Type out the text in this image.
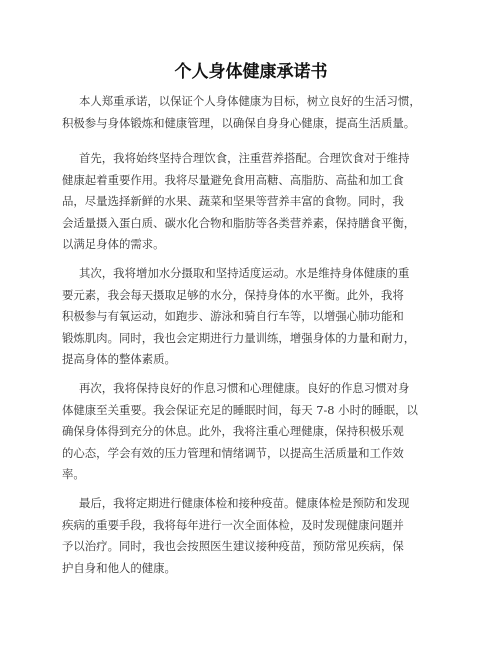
个人身体健康承诺书

本人郑重承诺，以保证个人身体健康为目标，树立良好的生活习惯，
积极参与身体锻炼和健康管理，以确保自身身心健康，提高生活质量。

首先，我将始终坚持合理饮食，注重营养搭配。合理饮食对于维持
健康起着重要作用。我将尽量避免食用高糖、高脂肪、高盐和加工食
品，尽量选择新鲜的水果、蔬菜和坚果等营养丰富的食物。同时，我
会适量摄入蛋白质、碳水化合物和脂肪等各类营养素，保持膳食平衡，
以满足身体的需求。

其次，我将增加水分摄取和坚持适度运动。水是维持身体健康的重
要元素，我会每天摄取足够的水分，保持身体的水平衡。此外，我将
积极参与有氧运动，如跑步、游泳和骑自行车等，以增强心肺功能和
锻炼肌肉。同时，我也会定期进行力量训练，增强身体的力量和耐力，
提高身体的整体素质。

再次，我将保持良好的作息习惯和心理健康。良好的作息习惯对身
体健康至关重要。我会保证充足的睡眠时间，每天 7-8 小时的睡眠，以
确保身体得到充分的休息。此外，我将注重心理健康，保持积极乐观
的心态，学会有效的压力管理和情绪调节，以提高生活质量和工作效
率。

最后，我将定期进行健康体检和接种疫苗。健康体检是预防和发现
疾病的重要手段，我将每年进行一次全面体检，及时发现健康问题并
予以治疗。同时，我也会按照医生建议接种疫苗，预防常见疾病，保
护自身和他人的健康。
